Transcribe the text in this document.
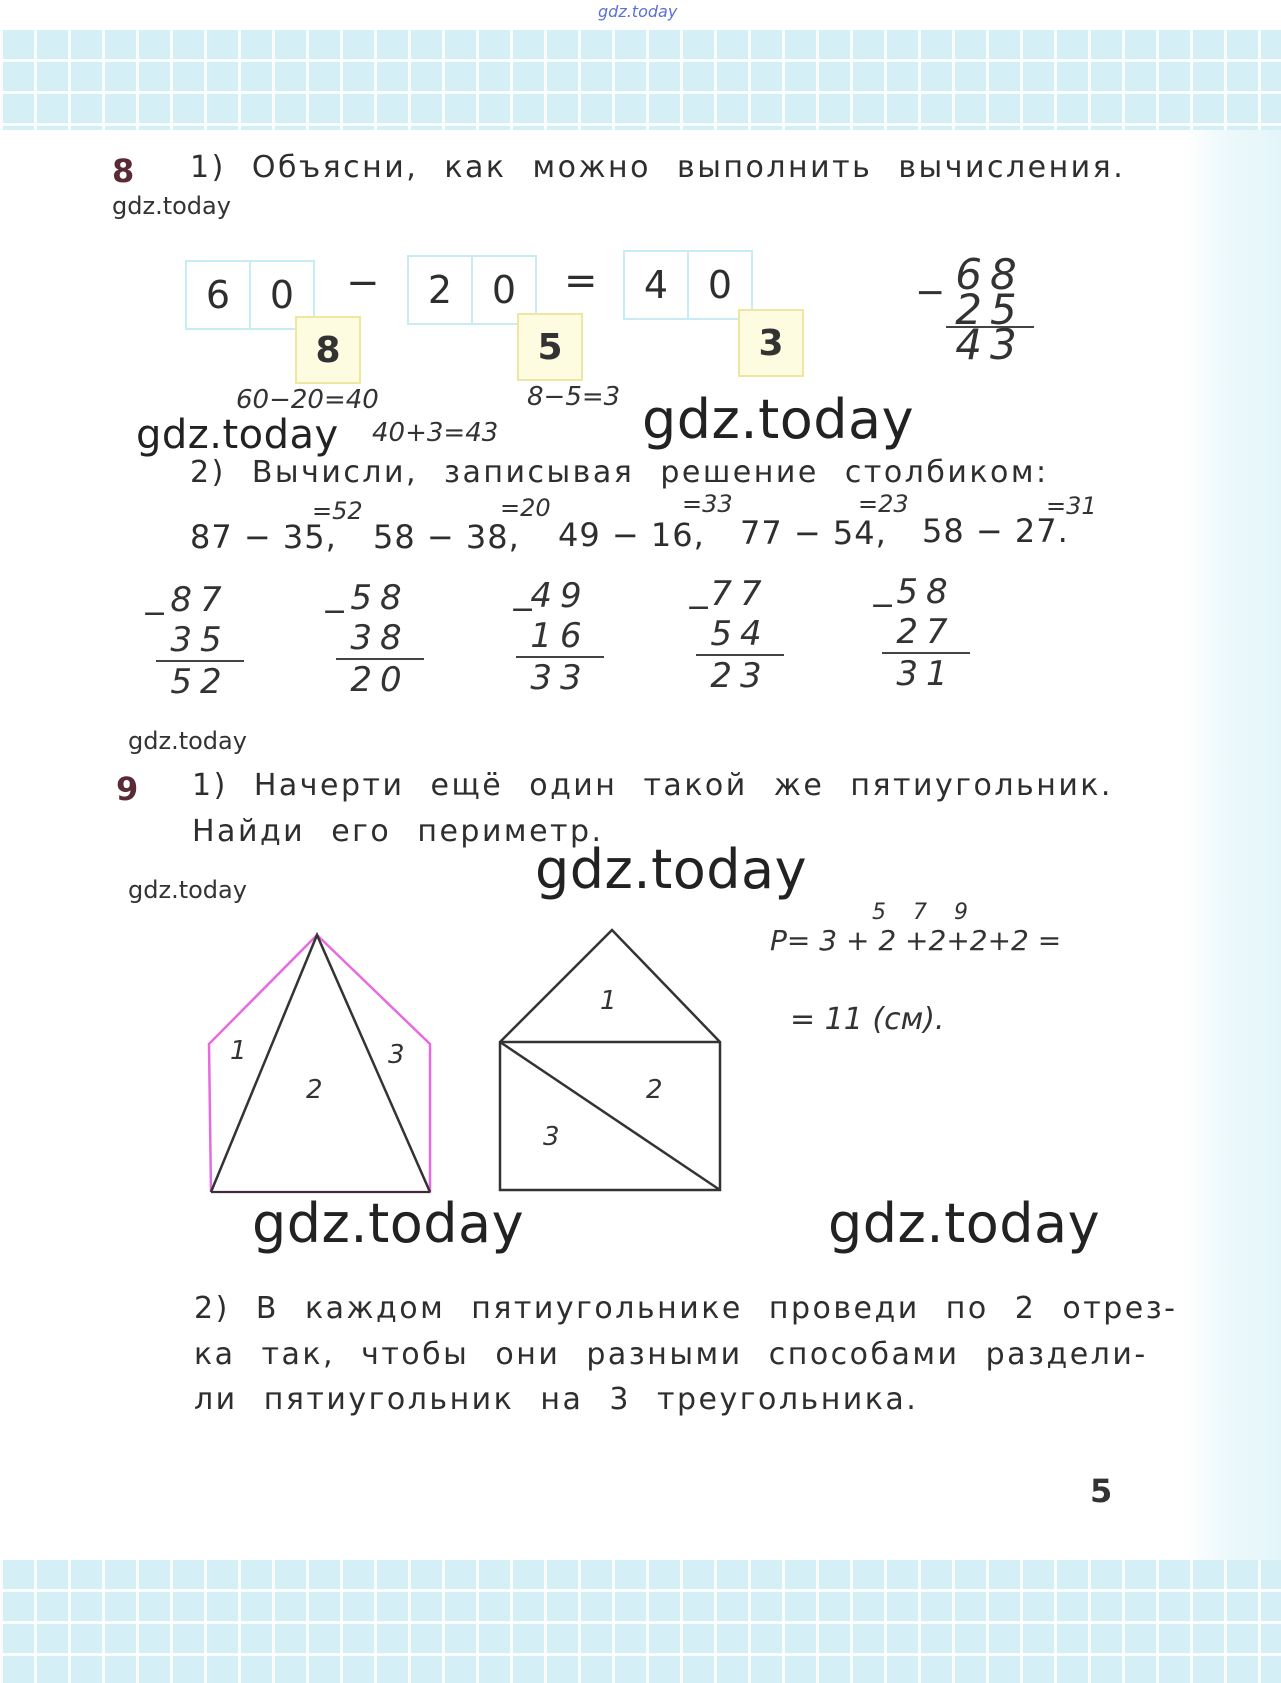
gdz.today
8 1) Объясни, как можно выполнить вычисления.
gdz.today
6	0	−	2	0	=	4	0
8	5	3
− 68
25
43
60−20=40	8−5=3
40+3=43
gdz.today	gdz.today
2) Вычисли, записывая решение столбиком:
87 − 35,
=52
58 − 38,
=20
49 − 16,
=33
77 − 54,
=23
58 − 27.
=31
− 87
35
52
− 58
38
20
−
49
16
33
− 77
54
23
− 58
27
31
gdz.today
9 1) Начерти ещё один такой же пятиугольник.
Найди его периметр.
gdz.today
gdz.today
1
2
3
1
2
3
5 7 9
P= 3 + 2 +2+2+2 =
= 11 (см).
gdz.today	gdz.today
2) В каждом пятиугольнике проведи по 2 отрез-
ка так, чтобы они разными способами раздели-
ли пятиугольник на 3 треугольника.
5
